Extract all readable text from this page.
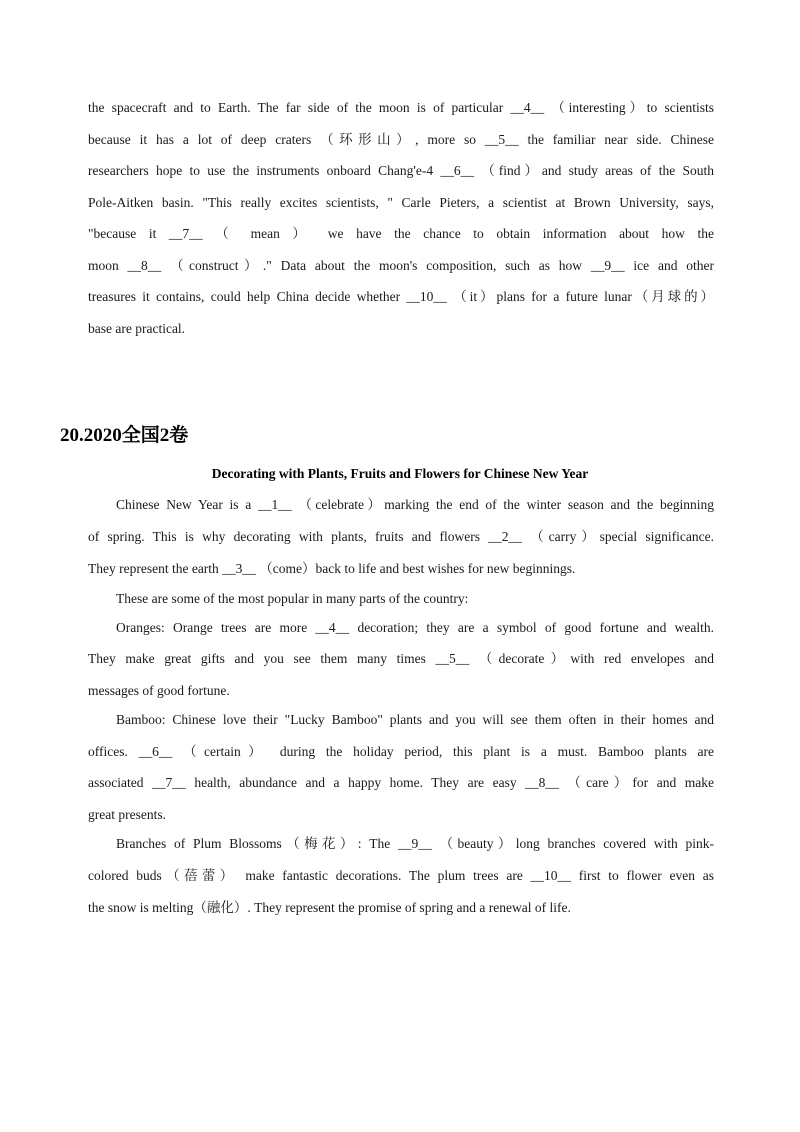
the spacecraft and to Earth. The far side of the moon is of particular __4__ （interesting）to scientists
because it has a lot of deep craters （环形山）, more so __5__ the familiar near side. Chinese
researchers hope to use the instruments onboard Chang'e-4 __6__ （find）and study areas of the South
Pole-Aitken basin. "This really excites scientists, " Carle Pieters, a scientist at Brown University, says,
"because it __7__ （ mean ） we have the chance to obtain information about how the
moon __8__ （construct）." Data about the moon's composition, such as how __9__ ice and other
treasures it contains, could help China decide whether __10__ （it）plans for a future lunar（月球的）
base are practical.
20.2020全国2卷
Decorating with Plants, Fruits and Flowers for Chinese New Year
Chinese New Year is a __1__ （celebrate）marking the end of the winter season and the beginning
of spring. This is why decorating with plants, fruits and flowers __2__ （carry）special significance.
They represent the earth __3__ （come）back to life and best wishes for new beginnings.
These are some of the most popular in many parts of the country:
Oranges: Orange trees are more __4__ decoration; they are a symbol of good fortune and wealth.
They make great gifts and you see them many times __5__ （decorate）with red envelopes and
messages of good fortune.
Bamboo: Chinese love their "Lucky Bamboo" plants and you will see them often in their homes and
offices. __6__ （certain） during the holiday period, this plant is a must. Bamboo plants are
associated __7__ health, abundance and a happy home. They are easy __8__ （care）for and make
great presents.
Branches of Plum Blossoms（梅花）: The __9__ （beauty）long branches covered with pink-
colored buds（蓓蕾） make fantastic decorations. The plum trees are __10__ first to flower even as
the snow is melting（融化）. They represent the promise of spring and a renewal of life.
